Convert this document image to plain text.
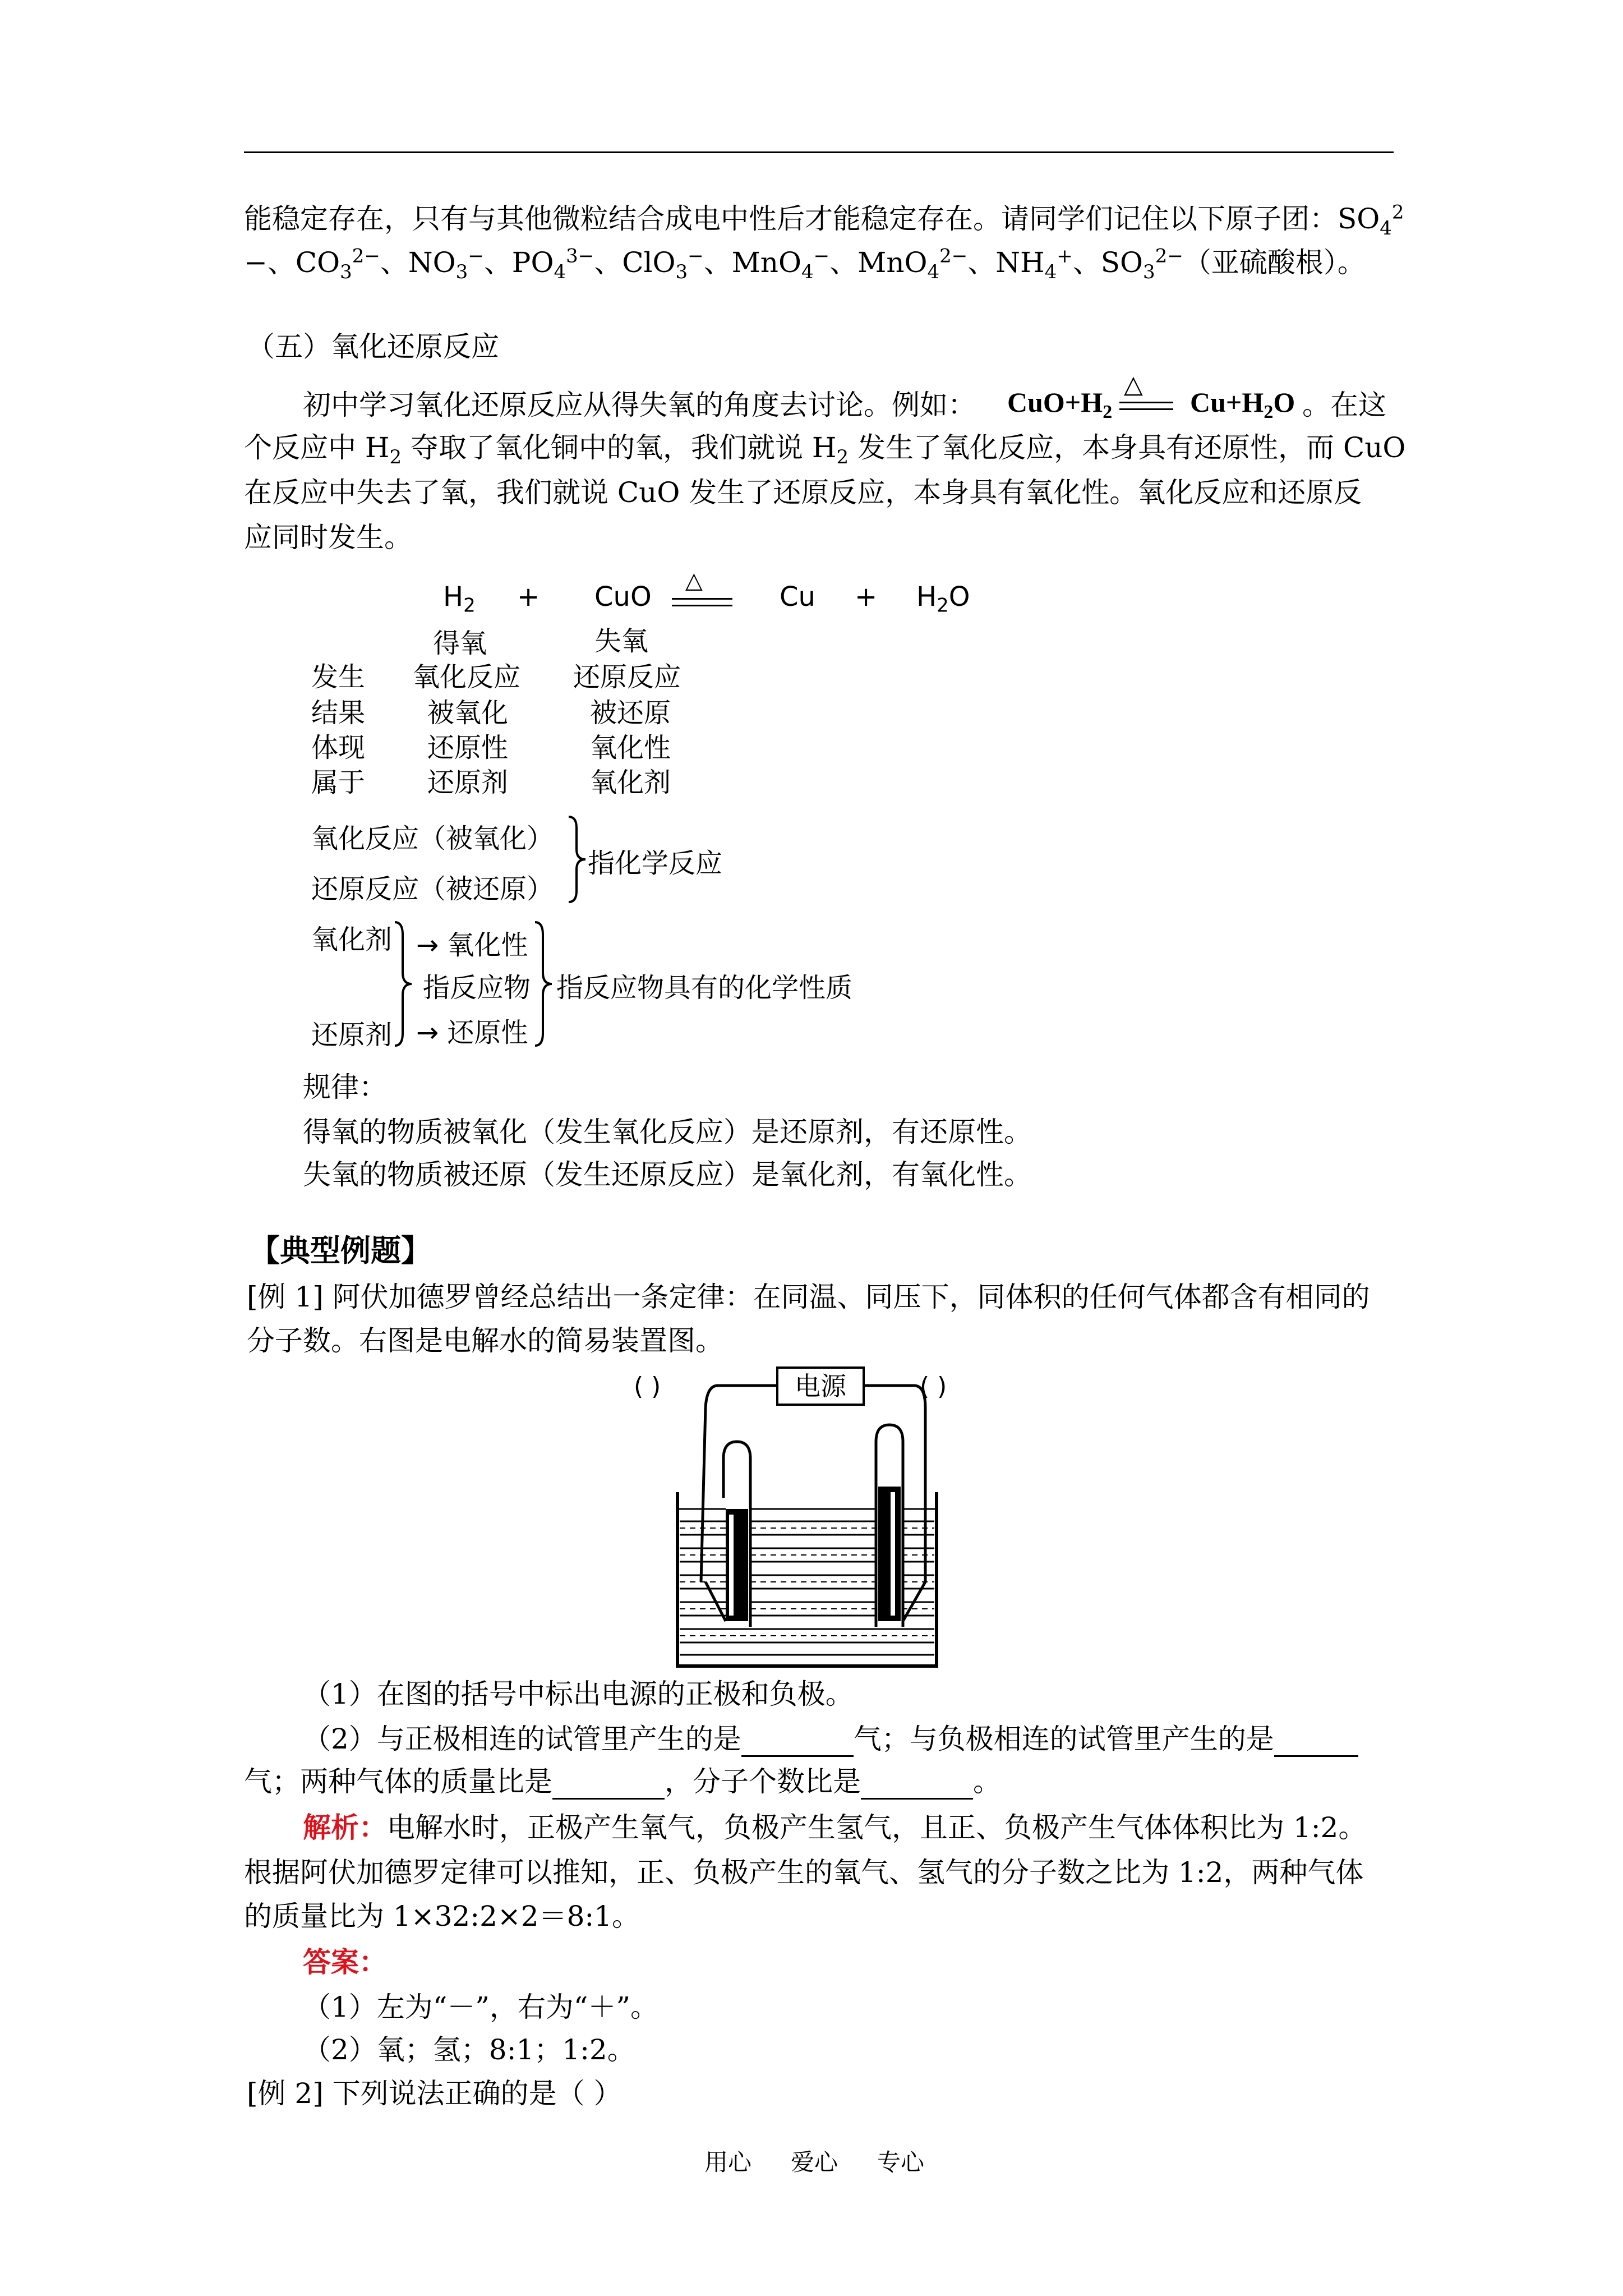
能稳定存在，只有与其他微粒结合成电中性后才能稳定存在。请同学们记住以下原子团：$SO_4^2$
−、$CO_3^{2-}$、$NO_3^-$、$PO_4^{3-}$、ClO$_3$−、MnO$_4$−、MnO$_4^{2-}$、$NH_4^+$、$SO_3^{2-}$（亚硫酸根）。
（五）氧化还原反应
初中学习氧化还原反应从得失氧的角度去讨论。例如： $CuO+H_2$
△
$Cu+H_2O$ 。在这
个反应中 $H_2$ 夺取了氧化铜中的氧，我们就说 $H_2$ 发生了氧化反应，本身具有还原性，而 CuO
在反应中失去了氧，我们就说 CuO 发生了还原反应，本身具有氧化性。氧化反应和还原反
应同时发生。
$H_2$ + CuO
△
$Cu + H_2O$
得氧	失氧
发生 氧化反应 还原反应
结果 被氧化	被还原
体现 还原性	氧化性
属于 还原剂	氧化剂
氧化反应（被氧化）
还原反应（被还原）
指化学反应
氧化剂
还原剂
→ 氧化性
指反应物
→ 还原性
指反应物具有的化学性质
规律：
得氧的物质被氧化（发生氧化反应）是还原剂，有还原性。
失氧的物质被还原（发生还原反应）是氧化剂，有氧化性。
【典型例题】
[例 1] 阿伏加德罗曾经总结出一条定律：在同温、同压下，同体积的任何气体都含有相同的
分子数。右图是电解水的简易装置图。
( )	( )
电源
（1）在图的括号中标出电源的正极和负极。
（2）与正极相连的试管里产生的是	气；与负极相连的试管里产生的是
气；两种气体的质量比是	，分子个数比是	。
解析：电解水时，正极产生氧气，负极产生氢气，且正、负极产生气体体积比为 1:2。
根据阿伏加德罗定律可以推知，正、负极产生的氧气、氢气的分子数之比为 1:2，两种气体
的质量比为 1×32:2×2＝8:1。
答案：
（1）左为“－”，右为“＋”。
（2）氧；氢；8:1；1:2。
[例 2] 下列说法正确的是（ ）
用心 爱心 专心
